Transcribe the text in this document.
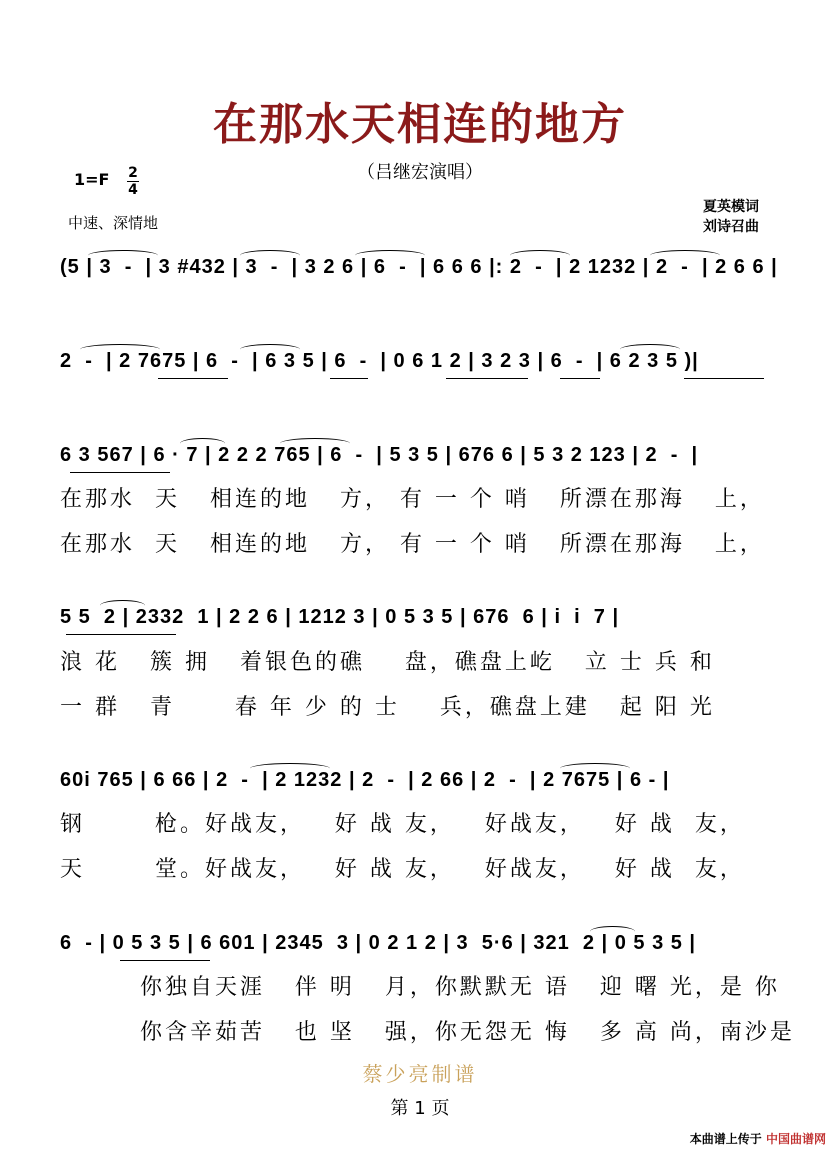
在那水天相连的地方
（吕继宏演唱）
1=F 2
4
中速、深情地
夏英模词
刘诗召曲
(5 | 3  -  | 3 #432 | 3  -  | 3 2 6 | 6  -  | 6 6 6 |: 2  -  | 2 1232 | 2  -  | 2 6 6 |
2  -  | 2 7675 | 6  -  | 6 3 5 | 6  -  | 0 6 1 2 | 3 2 3 | 6  -  | 6 2 3 5 )|
6 3 567 | 6 · 7 | 2 2 2 765 | 6  -  | 5 3 5 | 676 6 | 5 3 2 123 | 2  -  |
在那水  天   相连的地   方， 有 一 个 哨   所漂在那海   上，
在那水  天   相连的地   方， 有 一 个 哨   所漂在那海   上，
5 5  2 | 2332  1 | 2 2 6 | 1212 3 | 0 5 3 5 | 676  6 | i  i  7 |
浪 花   簇 拥   着银色的礁    盘，礁盘上屹   立 士 兵 和
一 群   青      春 年 少 的 士    兵，礁盘上建   起 阳 光
60i 765 | 6 66 | 2  -  | 2 1232 | 2  -  | 2 66 | 2  -  | 2 7675 | 6 - |
钢       枪。好战友，   好 战 友，   好战友，   好 战  友，
天       堂。好战友，   好 战 友，   好战友，   好 战  友，
6  - | 0 5 3 5 | 6 601 | 2345  3 | 0 2 1 2 | 3  5·6 | 321  2 | 0 5 3 5 |
你独自天涯   伴 明   月，你默默无 语   迎 曙 光，是 你
你含辛茹苦   也 坚   强，你无怨无 悔   多 高 尚，南沙是
蔡少亮制谱
第 1 页
本曲谱上传于 中国曲谱网
